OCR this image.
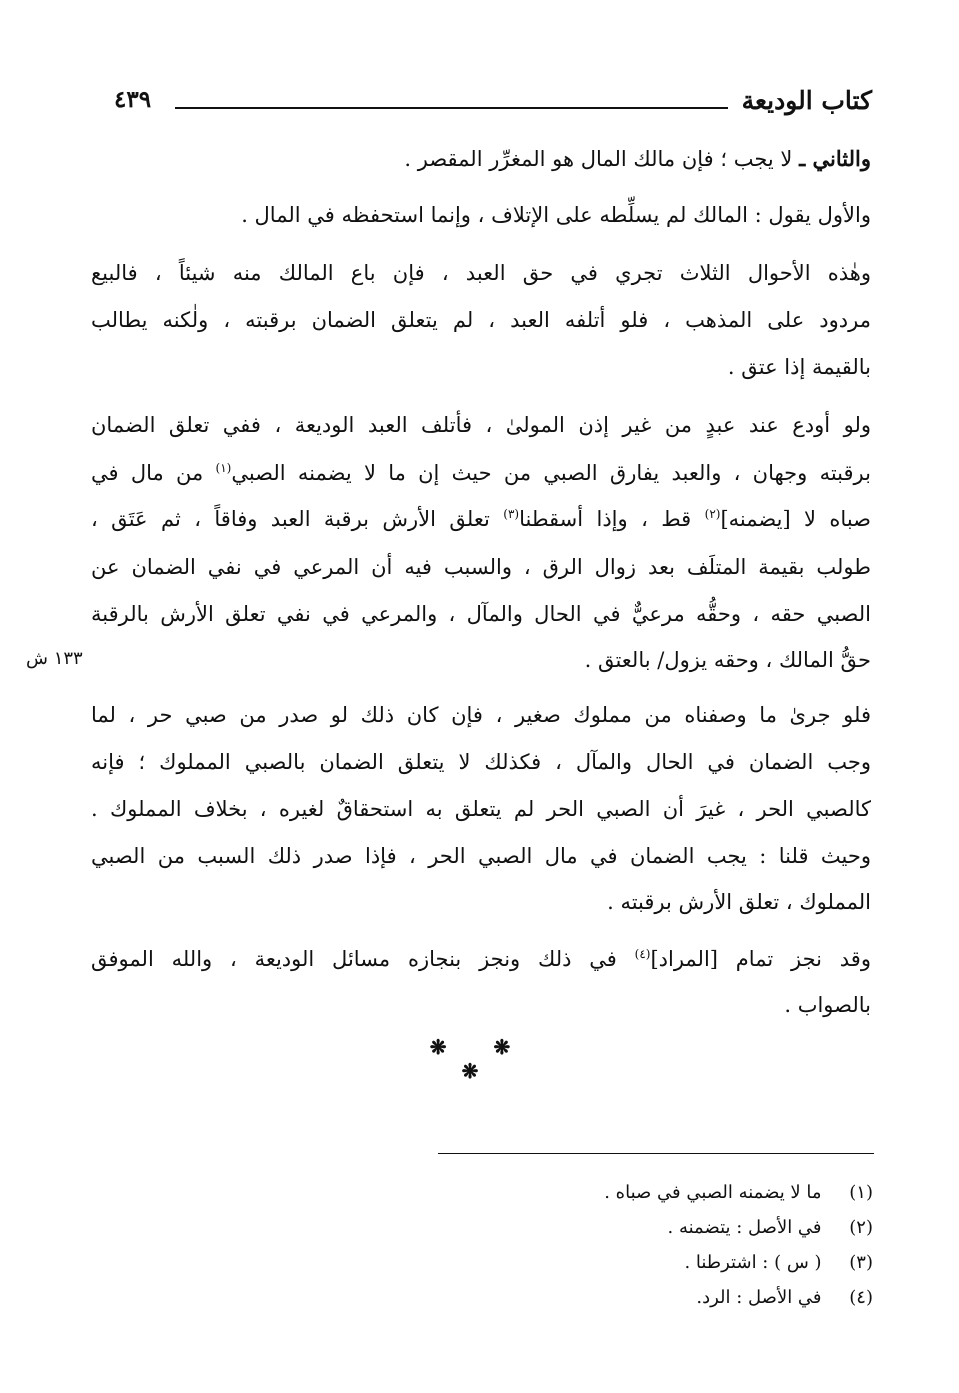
كتاب الوديعة
٤٣٩
والثاني ـ لا يجب ؛ فإن مالك المال هو المغرِّر المقصر .
والأول يقول : المالك لم يسلِّطه على الإتلاف ، وإنما استحفظه في المال .
وهٰذه الأحوال الثلاث تجري في حق العبد ، فإن باع المالك منه شيئاً ، فالبيع
مردود على المذهب ، فلو أتلفه العبد ، لم يتعلق الضمان برقبته ، ولٰكنه يطالب
بالقيمة إذا عتق .
ولو أودع عند عبدٍ من غير إذن المولىٰ ، فأتلف العبد الوديعة ، ففي تعلق الضمان
برقبته وجهان ، والعبد يفارق الصبي من حيث إن ما لا يضمنه الصبي$^{(١)}$ من مال في
صباه لا [يضمنه]$^{(٢)}$ قط ، وإذا أسقطنا$^{(٣)}$ تعلق الأرش برقبة العبد وفاقاً ، ثم عَتَق ،
طولب بقيمة المتلَف بعد زوال الرق ، والسبب فيه أن المرعي في نفي الضمان عن
الصبي حقه ، وحقُّه مرعيٌّ في الحال والمآل ، والمرعي في نفي تعلق الأرش بالرقبة
حقُّ المالك ، وحقه يزول/ بالعتق .
١٣٣ ش
فلو جرىٰ ما وصفناه من مملوك صغير ، فإن كان ذلك لو صدر من صبي حر ، لما
وجب الضمان في الحال والمآل ، فكذلك لا يتعلق الضمان بالصبي المملوك ؛ فإنه
كالصبي الحر ، غيرَ أن الصبي الحر لم يتعلق به استحقاقٌ لغيره ، بخلاف المملوك .
وحيث قلنا : يجب الضمان في مال الصبي الحر ، فإذا صدر ذلك السبب من الصبي
المملوك ، تعلق الأرش برقبته .
وقد نجز تمام [المراد]$^{(٤)}$ في ذلك ونجز بنجازه مسائل الوديعة ، والله الموفق
بالصواب .
❋ ❋ ❋
(١)  ما لا يضمنه الصبي في صباه .
(٢)  في الأصل : يتضمنه .
(٣)  ( س ) : اشترطنا .
(٤)  في الأصل : الرد.
